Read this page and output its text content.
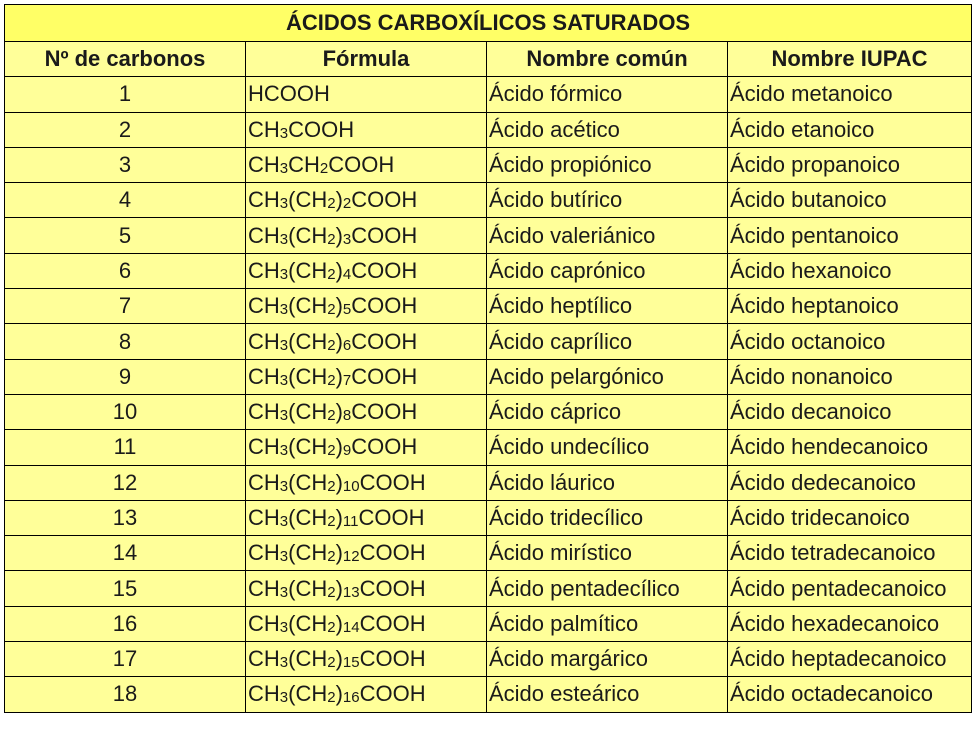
ÁCIDOS CARBOXÍLICOS SATURADOS			
Nº de carbonos	Fórmula	Nombre común	Nombre IUPAC
1	HCOOH	Ácido fórmico	Ácido metanoico
2	$CH_3COOH$	Ácido acético	Ácido etanoico
3	$CH_3CH_2COOH$	Ácido propiónico	Ácido propanoico
4	$CH_3(CH_2)_2COOH$	Ácido butírico	Ácido butanoico
5	$CH_3(CH_2)_3COOH$	Ácido valeriánico	Ácido pentanoico
6	$CH_3(CH_2)_4COOH$	Ácido caprónico	Ácido hexanoico
7	$CH_3(CH_2)_5COOH$	Ácido heptílico	Ácido heptanoico
8	$CH_3(CH_2)_6COOH$	Ácido caprílico	Ácido octanoico
9	$CH_3(CH_2)_7COOH$	Acido pelargónico	Ácido nonanoico
10	$CH_3(CH_2)_8COOH$	Ácido cáprico	Ácido decanoico
11	$CH_3(CH_2)_9COOH$	Ácido undecílico	Ácido hendecanoico
12	$CH_3(CH_2)_{10}COOH$	Ácido láurico	Ácido dedecanoico
13	$CH_3(CH_2)_{11}COOH$	Ácido tridecílico	Ácido tridecanoico
14	$CH_3(CH_2)_{12}COOH$	Ácido mirístico	Ácido tetradecanoico
15	$CH_3(CH_2)_{13}COOH$	Ácido pentadecílico	Ácido pentadecanoico
16	$CH_3(CH_2)_{14}COOH$	Ácido palmítico	Ácido hexadecanoico
17	$CH_3(CH_2)_{15}COOH$	Ácido margárico	Ácido heptadecanoico
18	$CH_3(CH_2)_{16}COOH$	Ácido esteárico	Ácido octadecanoico
